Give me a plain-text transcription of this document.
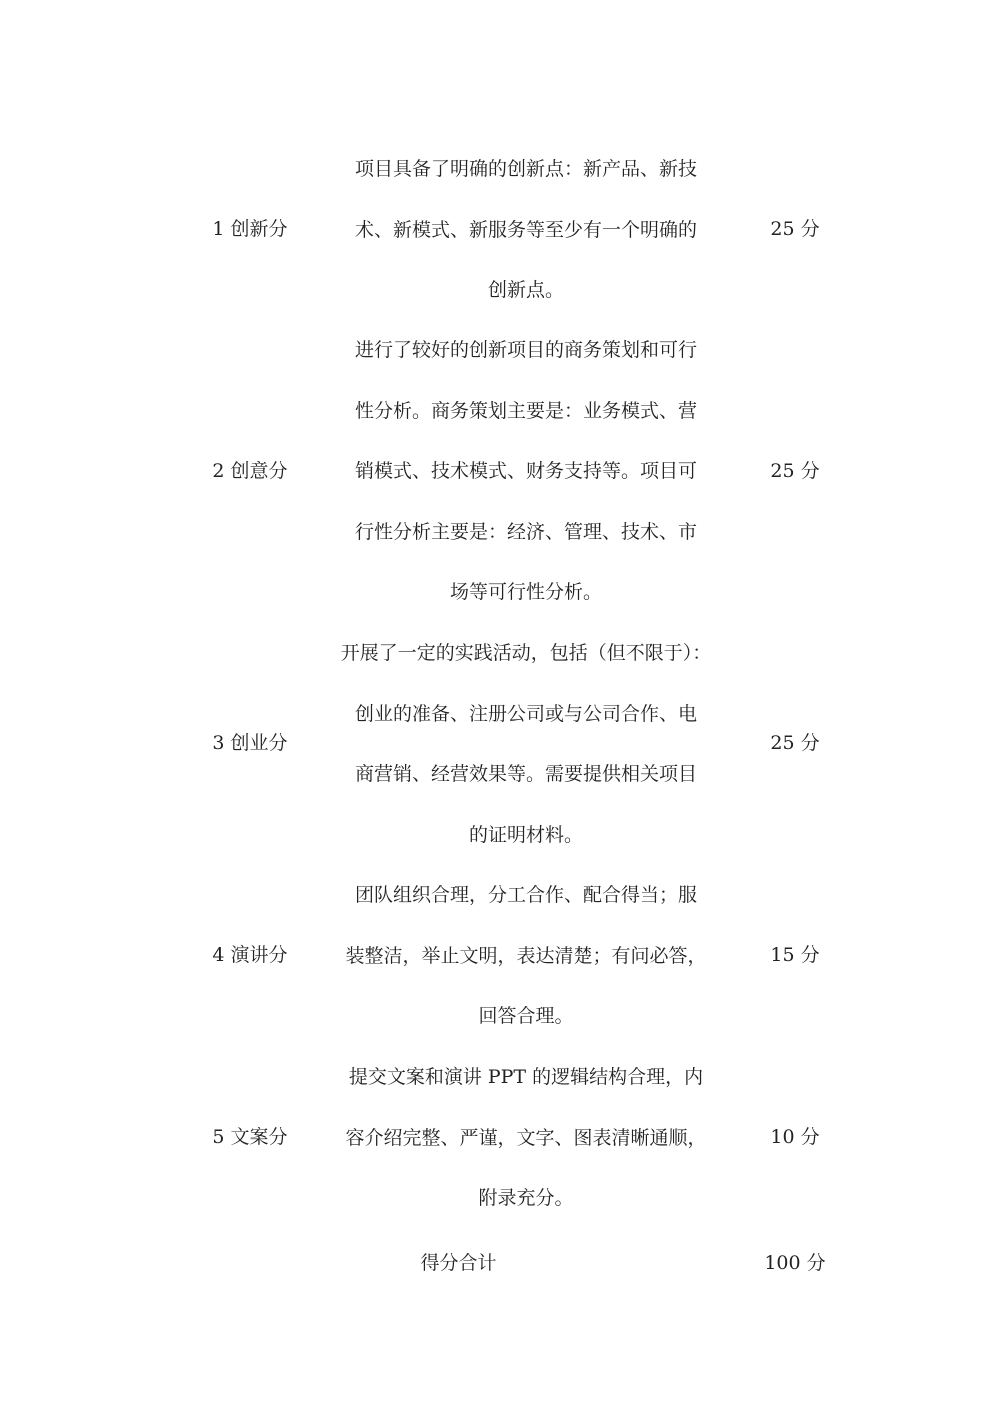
1 创新分
项目具备了明确的创新点：新产品、新技
术、新模式、新服务等至少有一个明确的
创新点。
25 分
2 创意分
进行了较好的创新项目的商务策划和可行
性分析。商务策划主要是：业务模式、营
销模式、技术模式、财务支持等。项目可
行性分析主要是：经济、管理、技术、市
场等可行性分析。
25 分
3 创业分
开展了一定的实践活动，包括（但不限于）：
创业的准备、注册公司或与公司合作、电
商营销、经营效果等。需要提供相关项目
的证明材料。
25 分
4 演讲分
团队组织合理，分工合作、配合得当；服
装整洁，举止文明，表达清楚；有问必答，
回答合理。
15 分
5 文案分
提交文案和演讲 PPT 的逻辑结构合理，内
容介绍完整、严谨，文字、图表清晰通顺，
附录充分。
10 分
得分合计	100 分
